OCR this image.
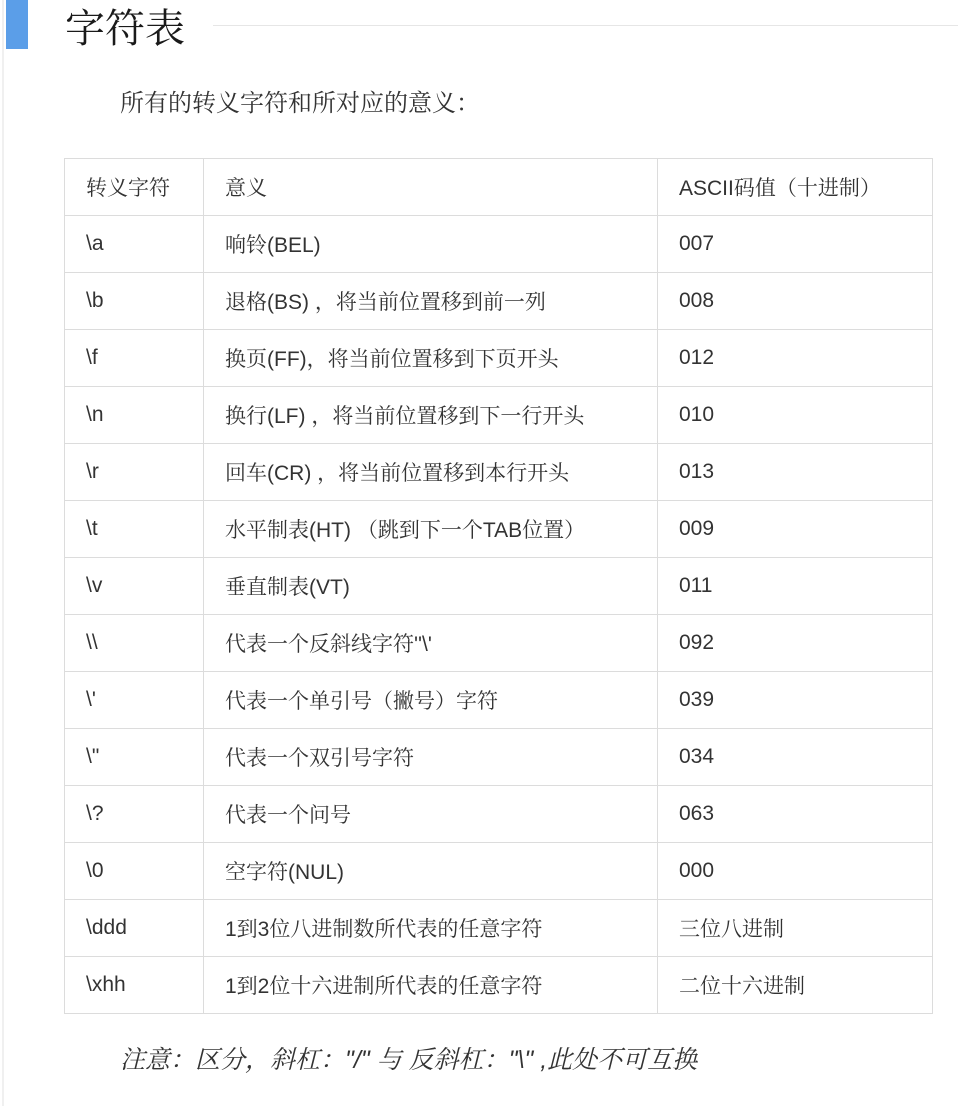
字符表

所有的转义字符和所对应的意义：

转义字符	意义	ASCII码值（十进制）
\a	响铃(BEL)	007
\b	退格(BS) ，将当前位置移到前一列	008
\f	换页(FF)，将当前位置移到下页开头	012
\n	换行(LF) ，将当前位置移到下一行开头	010
\r	回车(CR) ，将当前位置移到本行开头	013
\t	水平制表(HT) （跳到下一个TAB位置）	009
\v	垂直制表(VT)	011
\\	代表一个反斜线字符''\'	092
\'	代表一个单引号（撇号）字符	039
\"	代表一个双引号字符	034
\?	代表一个问号	063
\0	空字符(NUL)	000
\ddd	1到3位八进制数所代表的任意字符	三位八进制
\xhh	1到2位十六进制所代表的任意字符	二位十六进制

注意：区分，斜杠："/" 与 反斜杠："\" ,此处不可互换
